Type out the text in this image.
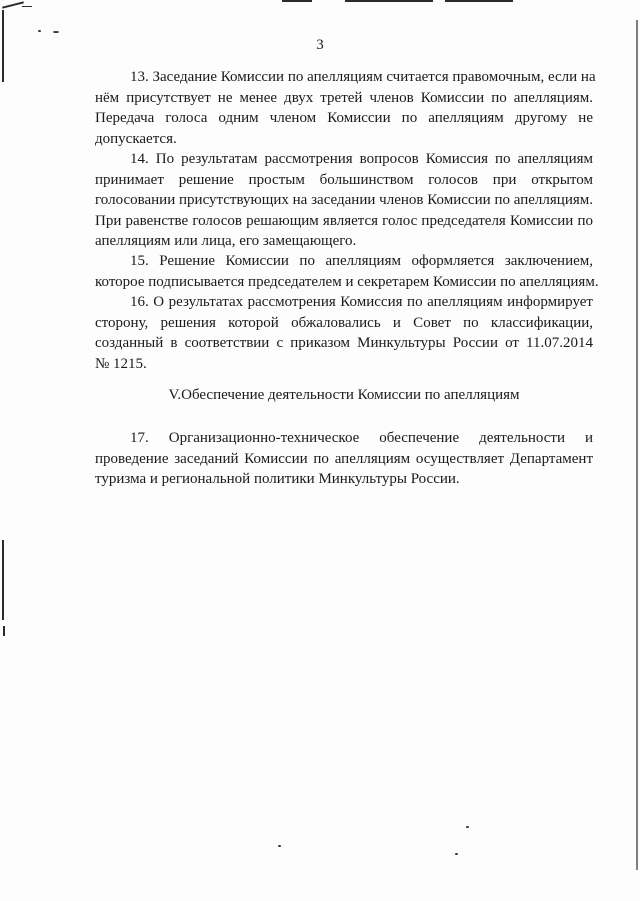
3
13. Заседание Комиссии по апелляциям считается правомочным, если на
нём присутствует не менее двух третей членов Комиссии по апелляциям.
Передача голоса одним членом Комиссии по апелляциям другому не
допускается.
14. По результатам рассмотрения вопросов Комиссия по апелляциям
принимает решение простым большинством голосов при открытом
голосовании присутствующих на заседании членов Комиссии по апелляциям.
При равенстве голосов решающим является голос председателя Комиссии по
апелляциям или лица, его замещающего.
15. Решение Комиссии по апелляциям оформляется заключением,
которое подписывается председателем и секретарем Комиссии по апелляциям.
16. О результатах рассмотрения Комиссия по апелляциям информирует
сторону, решения которой обжаловались и Совет по классификации,
созданный в соответствии с приказом Минкультуры России от 11.07.2014
№ 1215.
V.Обеспечение деятельности Комиссии по апелляциям
17. Организационно-техническое обеспечение деятельности и
проведение заседаний Комиссии по апелляциям осуществляет Департамент
туризма и региональной политики Минкультуры России.
